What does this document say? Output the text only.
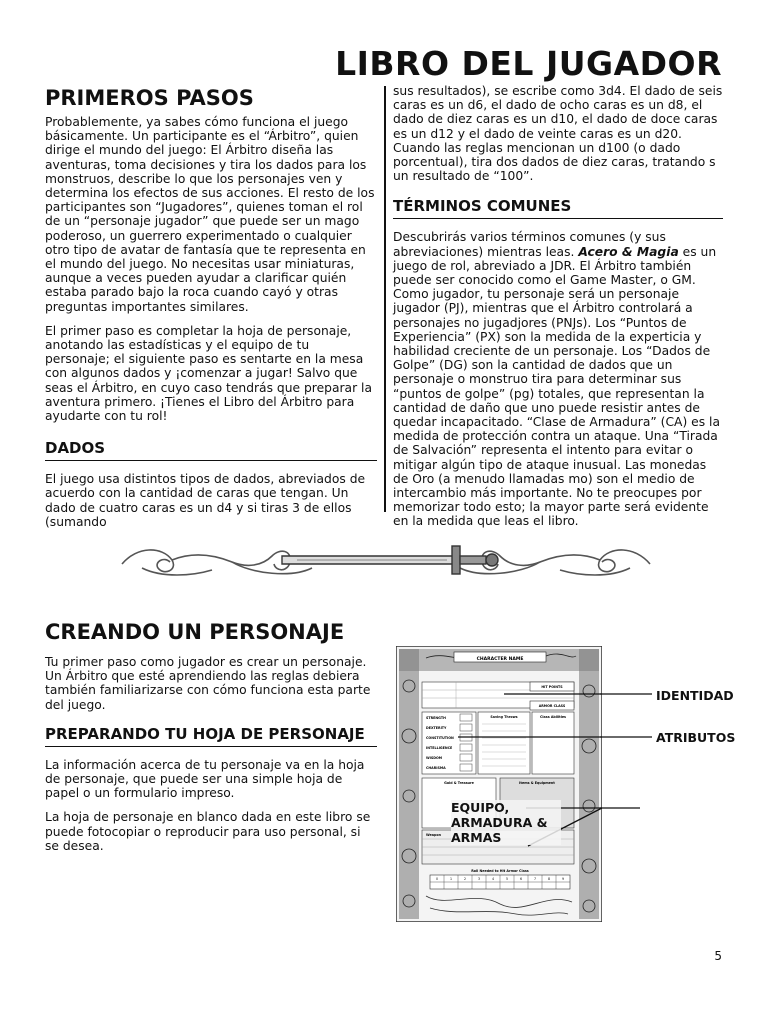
LIBRO DEL JUGADOR
PRIMEROS PASOS

Probablemente, ya sabes cómo funciona el juego básicamente. Un participante es el “Árbitro”, quien dirige el mundo del juego: El Árbitro diseña las aventuras, toma decisiones y tira los dados para los monstruos, describe lo que los personajes ven y determina los efectos de sus acciones. El resto de los participantes son “Jugadores”, quienes toman el rol de un “personaje jugador” que puede ser un mago poderoso, un guerrero experimentado o cualquier otro tipo de avatar de fantasía que te representa en el mundo del juego. No necesitas usar miniaturas, aunque a veces pueden ayudar a clarificar quién estaba parado bajo la roca cuando cayó y otras preguntas importantes similares.

El primer paso es completar la hoja de personaje, anotando las estadísticas y el equipo de tu personaje; el siguiente paso es sentarte en la mesa con algunos dados y ¡comenzar a jugar! Salvo que seas el Árbitro, en cuyo caso tendrás que preparar la aventura primero. ¡Tienes el Libro del Árbitro para ayudarte con tu rol!

DADOS

El juego usa distintos tipos de dados, abreviados de acuerdo con la cantidad de caras que tengan. Un dado de cuatro caras es un d4 y si tiras 3 de ellos (sumando

sus resultados), se escribe como 3d4. El dado de seis caras es un d6, el dado de ocho caras es un d8, el dado de diez caras es un d10, el dado de doce caras es un d12 y el dado de veinte caras es un d20. Cuando las reglas mencionan un d100 (o dado porcentual), tira dos dados de diez caras, tratando s un resultado de “100”.

TÉRMINOS COMUNES

Descubrirás varios términos comunes (y sus abreviaciones) mientras leas. Acero & Magia es un juego de rol, abreviado a JDR. El Árbitro también puede ser conocido como el Game Master, o GM. Como jugador, tu personaje será un personaje jugador (PJ), mientras que el Árbitro controlará a personajes no jugadjores (PNJs). Los “Puntos de Experiencia” (PX) son la medida de la experticia y habilidad creciente de un personaje. Los “Dados de Golpe” (DG) son la cantidad de dados que un personaje o monstruo tira para determinar sus “puntos de golpe” (pg) totales, que representan la cantidad de daño que uno puede resistir antes de quedar incapacitado. “Clase de Armadura” (CA) es la medida de protección contra un ataque. Una “Tirada de Salvación” representa el intento para evitar o mitigar algún tipo de ataque inusual. Las monedas de Oro (a menudo llamadas mo) son el medio de intercambio más importante. No te preocupes por memorizar todo esto; la mayor parte será evidente en la medida que leas el libro.

CREANDO UN PERSONAJE

Tu primer paso como jugador es crear un personaje. Un Árbitro que esté aprendiendo las reglas debiera también familiarizarse con cómo funciona esta parte del juego.

PREPARANDO TU HOJA DE PERSONAJE

La información acerca de tu personaje va en la hoja de personaje, que puede ser una simple hoja de papel o un formulario impreso.

La hoja de personaje en blanco dada en este libro se puede fotocopiar o reproducir para uso personal, si se desea.

CHARACTER NAME
HIT POINTS
ARMOR CLASS
STRENGTH
DEXTERITY
CONSTITUTION
INTELLIGENCE
WISDOM
CHARISMA
Saving Throws	Class Abilities
Gold & Treasure	Items & Equipment
Weapon
Roll Needed to Hit Armor Class
0	1	2	3	4	5	6	7	8	9
IDENTIDAD
ATRIBUTOS
EQUIPO, ARMADURA & ARMAS
5
